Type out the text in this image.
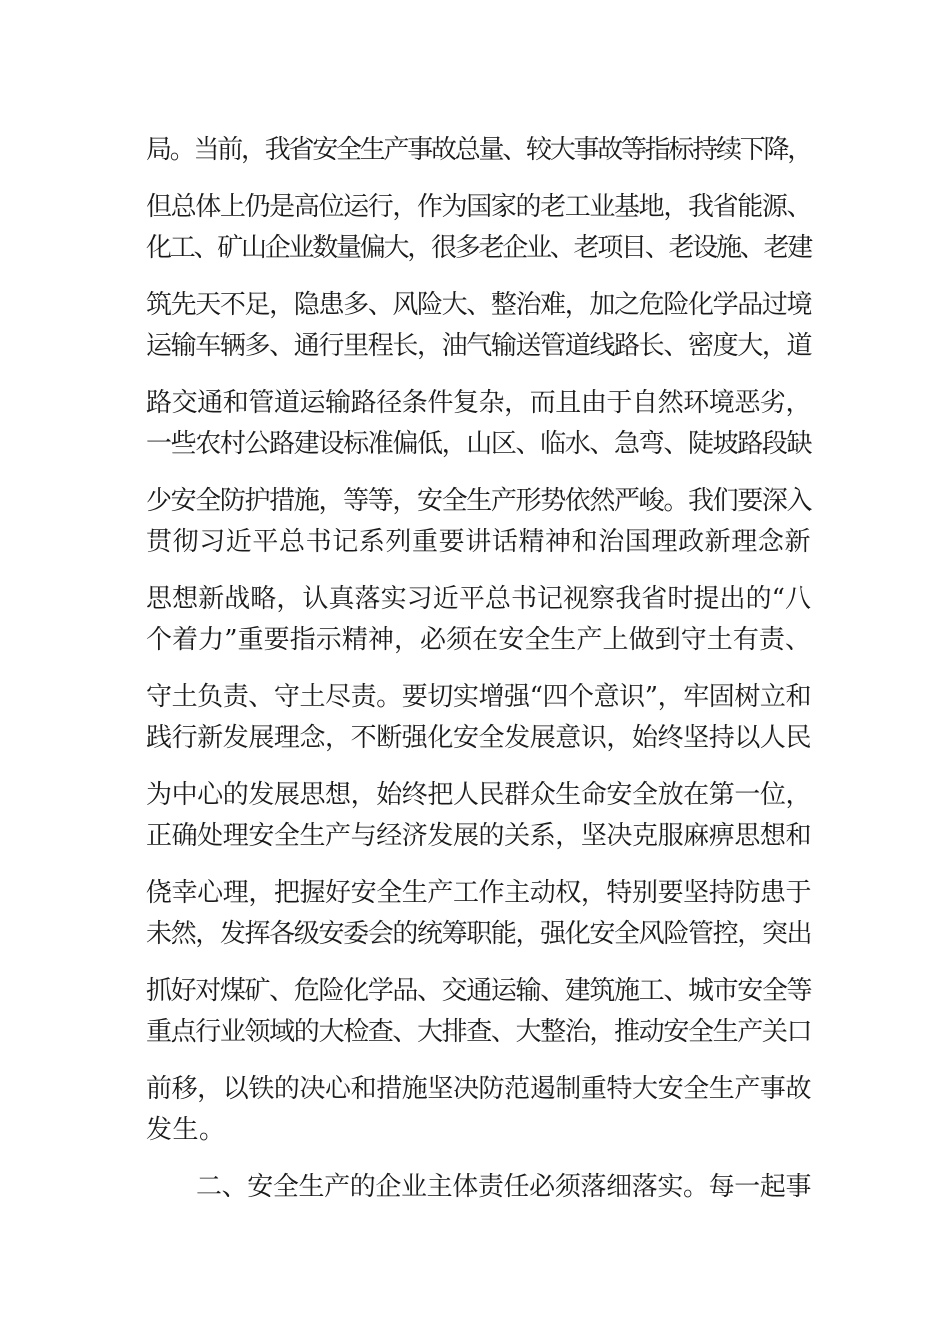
局。当前，我省安全生产事故总量、较大事故等指标持续下降，
但总体上仍是高位运行，作为国家的老工业基地，我省能源、
化工、矿山企业数量偏大，很多老企业、老项目、老设施、老建
筑先天不足，隐患多、风险大、整治难，加之危险化学品过境
运输车辆多、通行里程长，油气输送管道线路长、密度大，道
路交通和管道运输路径条件复杂，而且由于自然环境恶劣，
一些农村公路建设标准偏低，山区、临水、急弯、陡坡路段缺
少安全防护措施，等等，安全生产形势依然严峻。我们要深入
贯彻习近平总书记系列重要讲话精神和治国理政新理念新
思想新战略，认真落实习近平总书记视察我省时提出的“八
个着力”重要指示精神，必须在安全生产上做到守土有责、
守土负责、守土尽责。要切实增强“四个意识”，牢固树立和
践行新发展理念，不断强化安全发展意识，始终坚持以人民
为中心的发展思想，始终把人民群众生命安全放在第一位，
正确处理安全生产与经济发展的关系，坚决克服麻痹思想和
侥幸心理，把握好安全生产工作主动权，特别要坚持防患于
未然，发挥各级安委会的统筹职能，强化安全风险管控，突出
抓好对煤矿、危险化学品、交通运输、建筑施工、城市安全等
重点行业领域的大检查、大排查、大整治，推动安全生产关口
前移，以铁的决心和措施坚决防范遏制重特大安全生产事故
发生。
二、安全生产的企业主体责任必须落细落实。每一起事
